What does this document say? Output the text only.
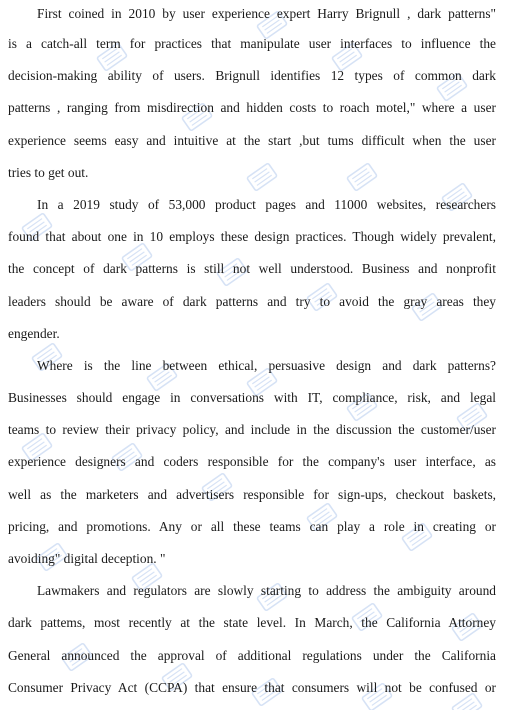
First coined in 2010 by user experience expert Harry Brignull , dark patterns"
is a catch-all term for practices that manipulate user interfaces to influence the
decision-making ability of users. Brignull identifies 12 types of common dark
patterns , ranging from misdirection and hidden costs to roach motel," where a user
experience seems easy and intuitive at the start ,but tums difficult when the user
tries to get out.
In a 2019 study of 53,000 product pages and 11000 websites, researchers
found that about one in 10 employs these design practices. Though widely prevalent,
the concept of dark patterns is still not well understood. Business and nonprofit
leaders should be aware of dark patterns and try to avoid the gray areas they
engender.
Where is the line between ethical, persuasive design and dark patterns?
Businesses should engage in conversations with IT, compliance, risk, and legal
teams to review their privacy policy, and include in the discussion the customer/user
experience designers and coders responsible for the company's user interface, as
well as the marketers and advertisers responsible for sign-ups, checkout baskets,
pricing, and promotions. Any or all these teams can play a role in creating or
avoiding" digital deception. "
Lawmakers and regulators are slowly starting to address the ambiguity around
dark pattems, most recently at the state level. In March, the California Attorney
General announced the approval of additional regulations under the California
Consumer Privacy Act (CCPA) that ensure that consumers will not be confused or
